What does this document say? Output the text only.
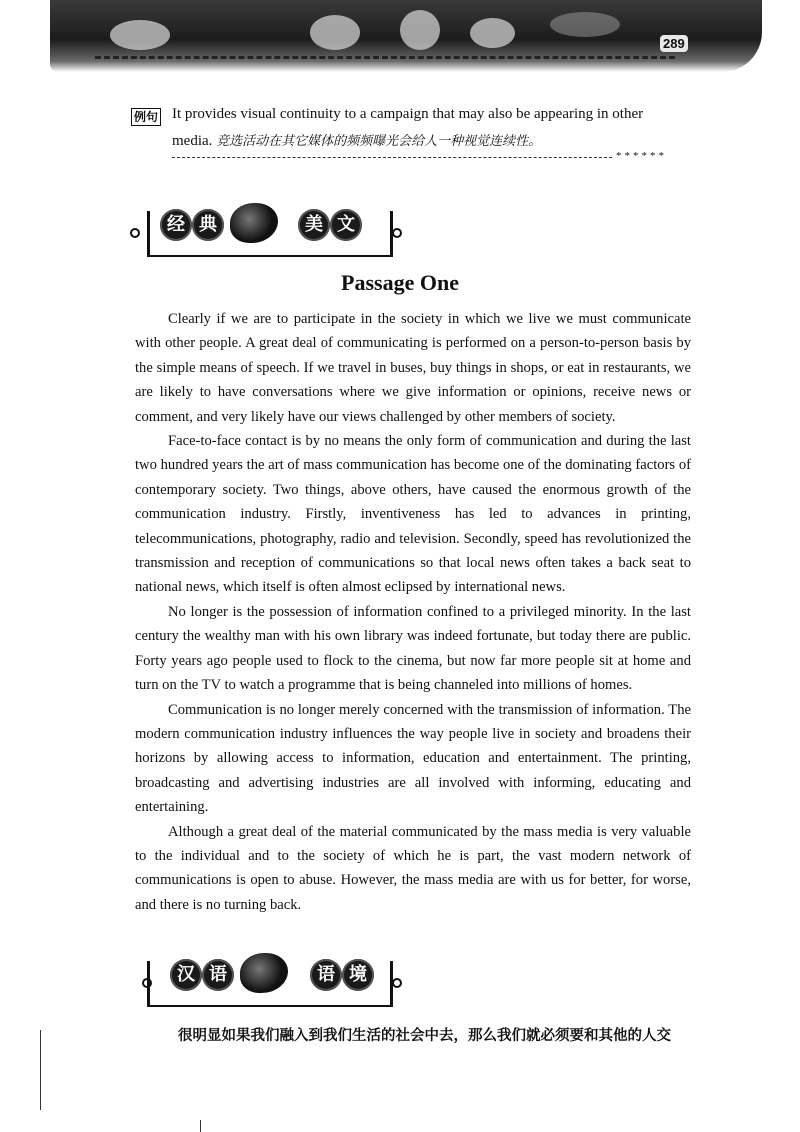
289
例句 It provides visual continuity to a campaign that may also be appearing in other
media. 竞选活动在其它媒体的频频曝光会给人一种视觉连续性。
******
经 典	美 文
Passage One

Clearly if we are to participate in the society in which we live we must communicate with other people. A great deal of communicating is performed on a person-to-person basis by the simple means of speech. If we travel in buses, buy things in shops, or eat in restaurants, we are likely to have conversations where we give information or opinions, receive news or comment, and very likely have our views challenged by other members of society.

Face-to-face contact is by no means the only form of communication and during the last two hundred years the art of mass communication has become one of the dominating factors of contemporary society. Two things, above others, have caused the enormous growth of the communication industry. Firstly, inventiveness has led to advances in printing, telecommunications, photography, radio and television. Secondly, speed has revolutionized the transmission and reception of communications so that local news often takes a back seat to national news, which itself is often almost eclipsed by international news.

No longer is the possession of information confined to a privileged minority. In the last century the wealthy man with his own library was indeed fortunate, but today there are public. Forty years ago people used to flock to the cinema, but now far more people sit at home and turn on the TV to watch a programme that is being channeled into millions of homes.

Communication is no longer merely concerned with the transmission of information. The modern communication industry influences the way people live in society and broadens their horizons by allowing access to information, education and entertainment. The printing, broadcasting and advertising industries are all involved with informing, educating and entertaining.

Although a great deal of the material communicated by the mass media is very valuable to the individual and to the society of which he is part, the vast modern network of communications is open to abuse. However, the mass media are with us for better, for worse, and there is no turning back.

汉 语	语 境
很明显如果我们融入到我们生活的社会中去，那么我们就必须要和其他的人交
